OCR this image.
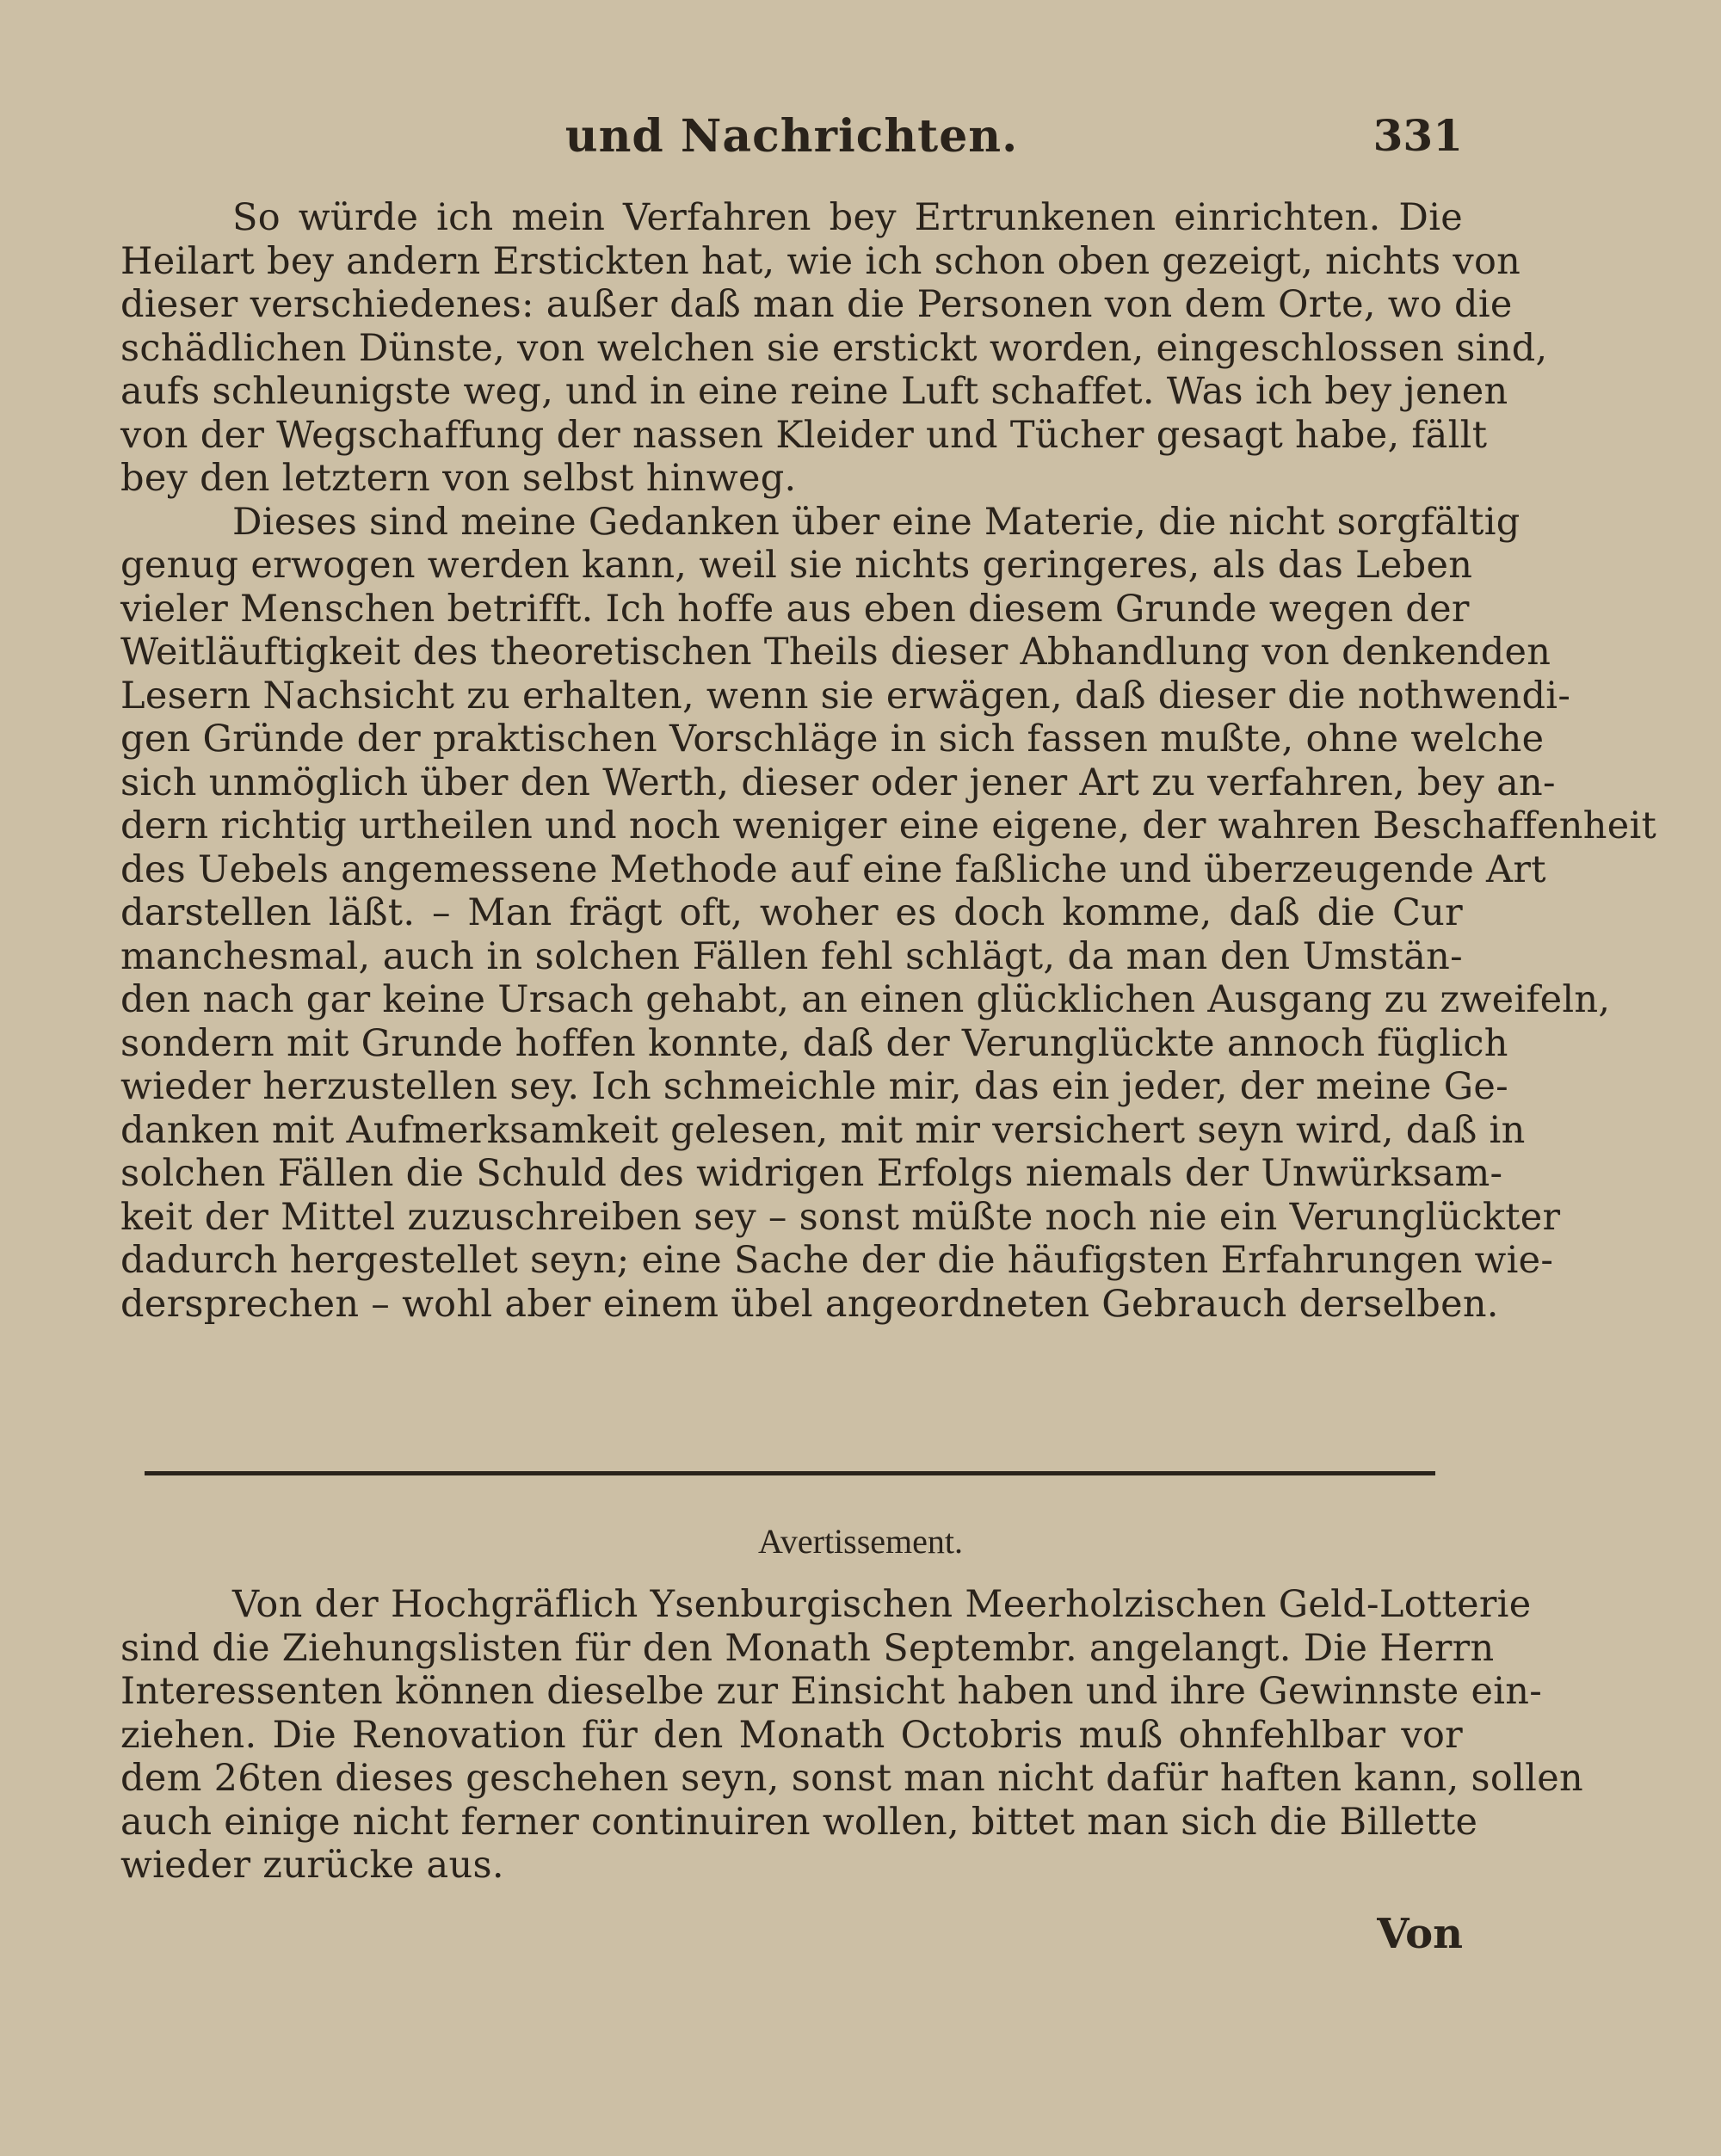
und Nachrichten.	331
So würde ich mein Verfahren bey Ertrunkenen einrichten. Die
Heilart bey andern Erstickten hat, wie ich schon oben gezeigt, nichts von
dieser verschiedenes: außer daß man die Personen von dem Orte, wo die
schädlichen Dünste, von welchen sie erstickt worden, eingeschlossen sind,
aufs schleunigste weg, und in eine reine Luft schaffet. Was ich bey jenen
von der Wegschaffung der nassen Kleider und Tücher gesagt habe, fällt
bey den letztern von selbst hinweg.
Dieses sind meine Gedanken über eine Materie, die nicht sorgfältig
genug erwogen werden kann, weil sie nichts geringeres, als das Leben
vieler Menschen betrifft. Ich hoffe aus eben diesem Grunde wegen der
Weitläuftigkeit des theoretischen Theils dieser Abhandlung von denkenden
Lesern Nachsicht zu erhalten, wenn sie erwägen, daß dieser die nothwendi-
gen Gründe der praktischen Vorschläge in sich fassen mußte, ohne welche
sich unmöglich über den Werth, dieser oder jener Art zu verfahren, bey an-
dern richtig urtheilen und noch weniger eine eigene, der wahren Beschaffenheit
des Uebels angemessene Methode auf eine faßliche und überzeugende Art
darstellen läßt. – Man frägt oft, woher es doch komme, daß die Cur
manchesmal, auch in solchen Fällen fehl schlägt, da man den Umstän-
den nach gar keine Ursach gehabt, an einen glücklichen Ausgang zu zweifeln,
sondern mit Grunde hoffen konnte, daß der Verunglückte annoch füglich
wieder herzustellen sey. Ich schmeichle mir, das ein jeder, der meine Ge-
danken mit Aufmerksamkeit gelesen, mit mir versichert seyn wird, daß in
solchen Fällen die Schuld des widrigen Erfolgs niemals der Unwürksam-
keit der Mittel zuzuschreiben sey – sonst müßte noch nie ein Verunglückter
dadurch hergestellet seyn; eine Sache der die häufigsten Erfahrungen wie-
dersprechen – wohl aber einem übel angeordneten Gebrauch derselben.
Avertissement.
Von der Hochgräflich Ysenburgischen Meerholzischen Geld-Lotterie
sind die Ziehungslisten für den Monath Septembr. angelangt. Die Herrn
Interessenten können dieselbe zur Einsicht haben und ihre Gewinnste ein-
ziehen. Die Renovation für den Monath Octobris muß ohnfehlbar vor
dem 26ten dieses geschehen seyn, sonst man nicht dafür haften kann, sollen
auch einige nicht ferner continuiren wollen, bittet man sich die Billette
wieder zurücke aus.
Von
